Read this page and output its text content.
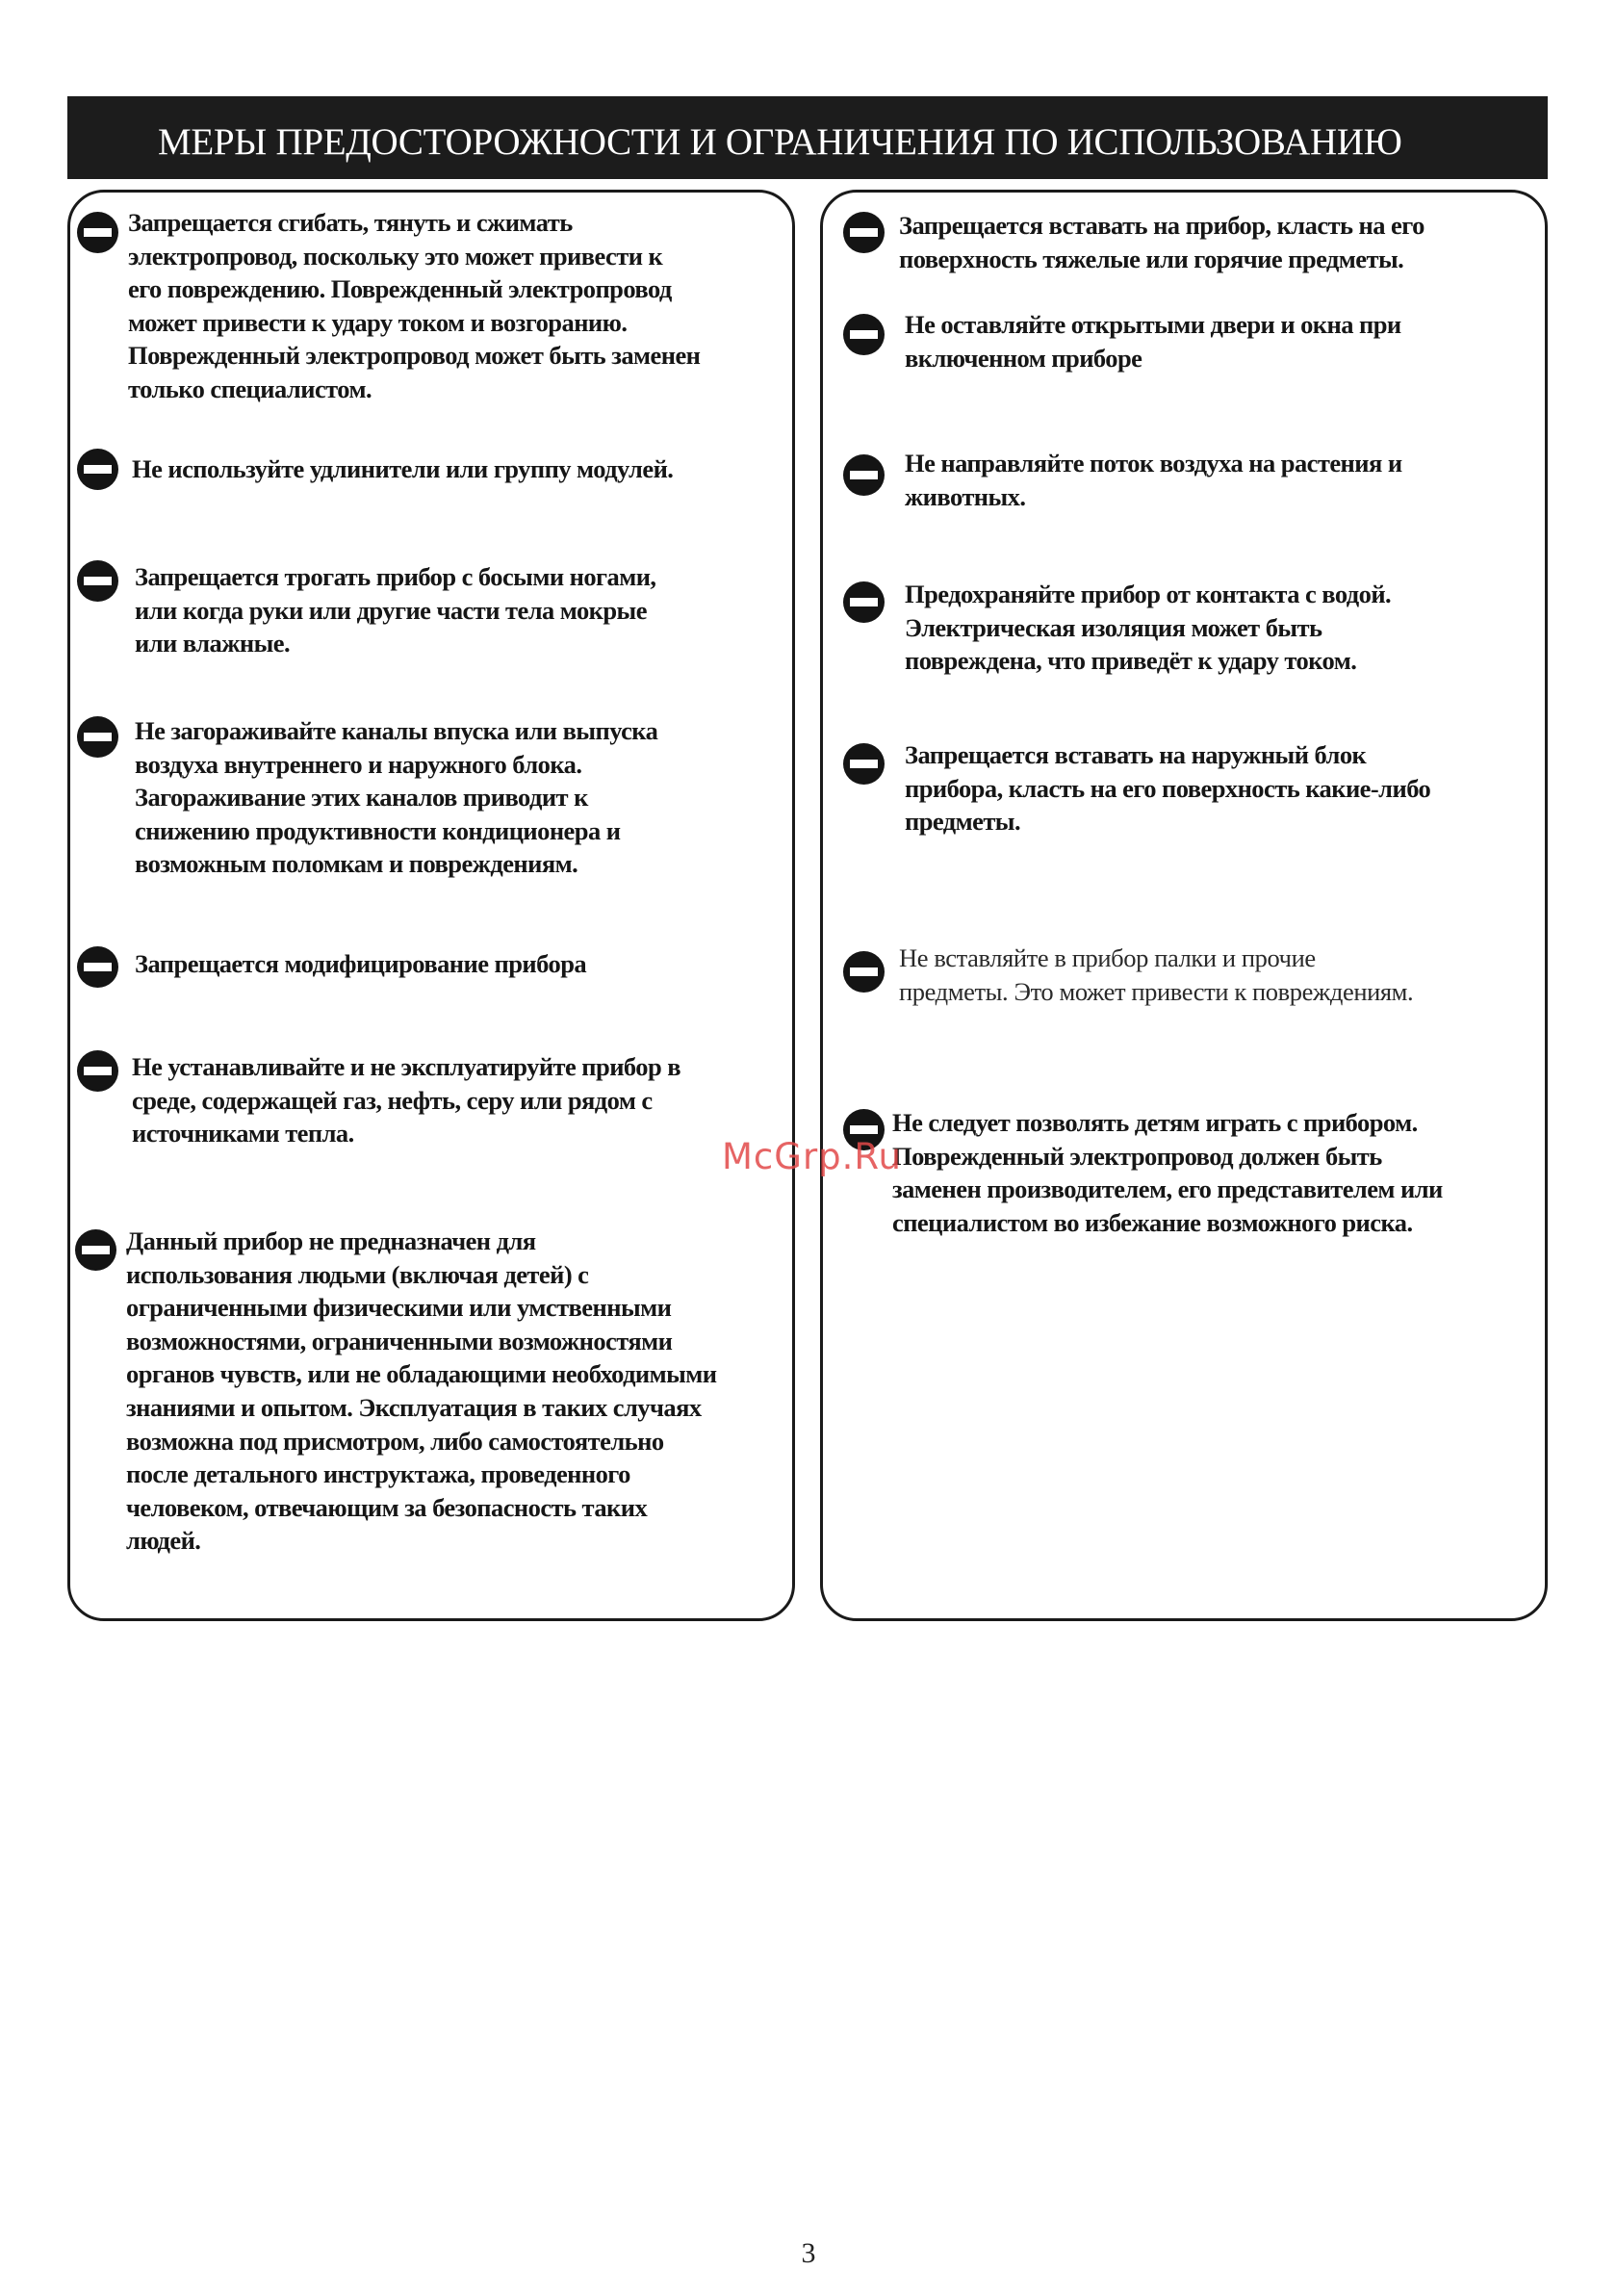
МЕРЫ ПРЕДОСТОРОЖНОСТИ И ОГРАНИЧЕНИЯ ПО ИСПОЛЬЗОВАНИЮ
Запрещается сгибать, тянуть и сжимать
электропровод, поскольку это может привести к
его повреждению. Поврежденный электропровод
может привести к удару током и возгоранию.
Поврежденный электропровод может быть заменен
только специалистом.
Не используйте удлинители или группу модулей.
Запрещается трогать прибор с босыми ногами,
или когда руки или другие части тела мокрые
или влажные.
Не загораживайте каналы впуска или выпуска
воздуха внутреннего и наружного блока.
Загораживание этих каналов приводит к
снижению продуктивности кондиционера и
возможным поломкам и повреждениям.
Запрещается модифицирование прибора
Не устанавливайте и не эксплуатируйте прибор в
среде, содержащей газ, нефть, серу или рядом с
источниками тепла.
Данный прибор не предназначен для
использования людьми (включая детей) с
ограниченными физическими или умственными
возможностями, ограниченными возможностями
органов чувств, или не обладающими необходимыми
знаниями и опытом. Эксплуатация в таких случаях
возможна под присмотром, либо самостоятельно
после детального инструктажа, проведенного
человеком, отвечающим за безопасность таких
людей.
Запрещается вставать на прибор, класть на его
поверхность тяжелые или горячие предметы.
Не оставляйте открытыми двери и окна при
включенном приборе
Не направляйте поток воздуха на растения и
животных.
Предохраняйте прибор от контакта с водой.
Электрическая изоляция может быть
повреждена, что приведёт к удару током.
Запрещается вставать на наружный блок
прибора, класть на его поверхность какие-либо
предметы.
Не вставляйте в прибор палки и прочие
предметы. Это может привести к повреждениям.
Не следует позволять детям играть с прибором.
Поврежденный электропровод должен быть
заменен производителем, его представителем или
специалистом во избежание возможного риска.
McGrp.Ru
3
